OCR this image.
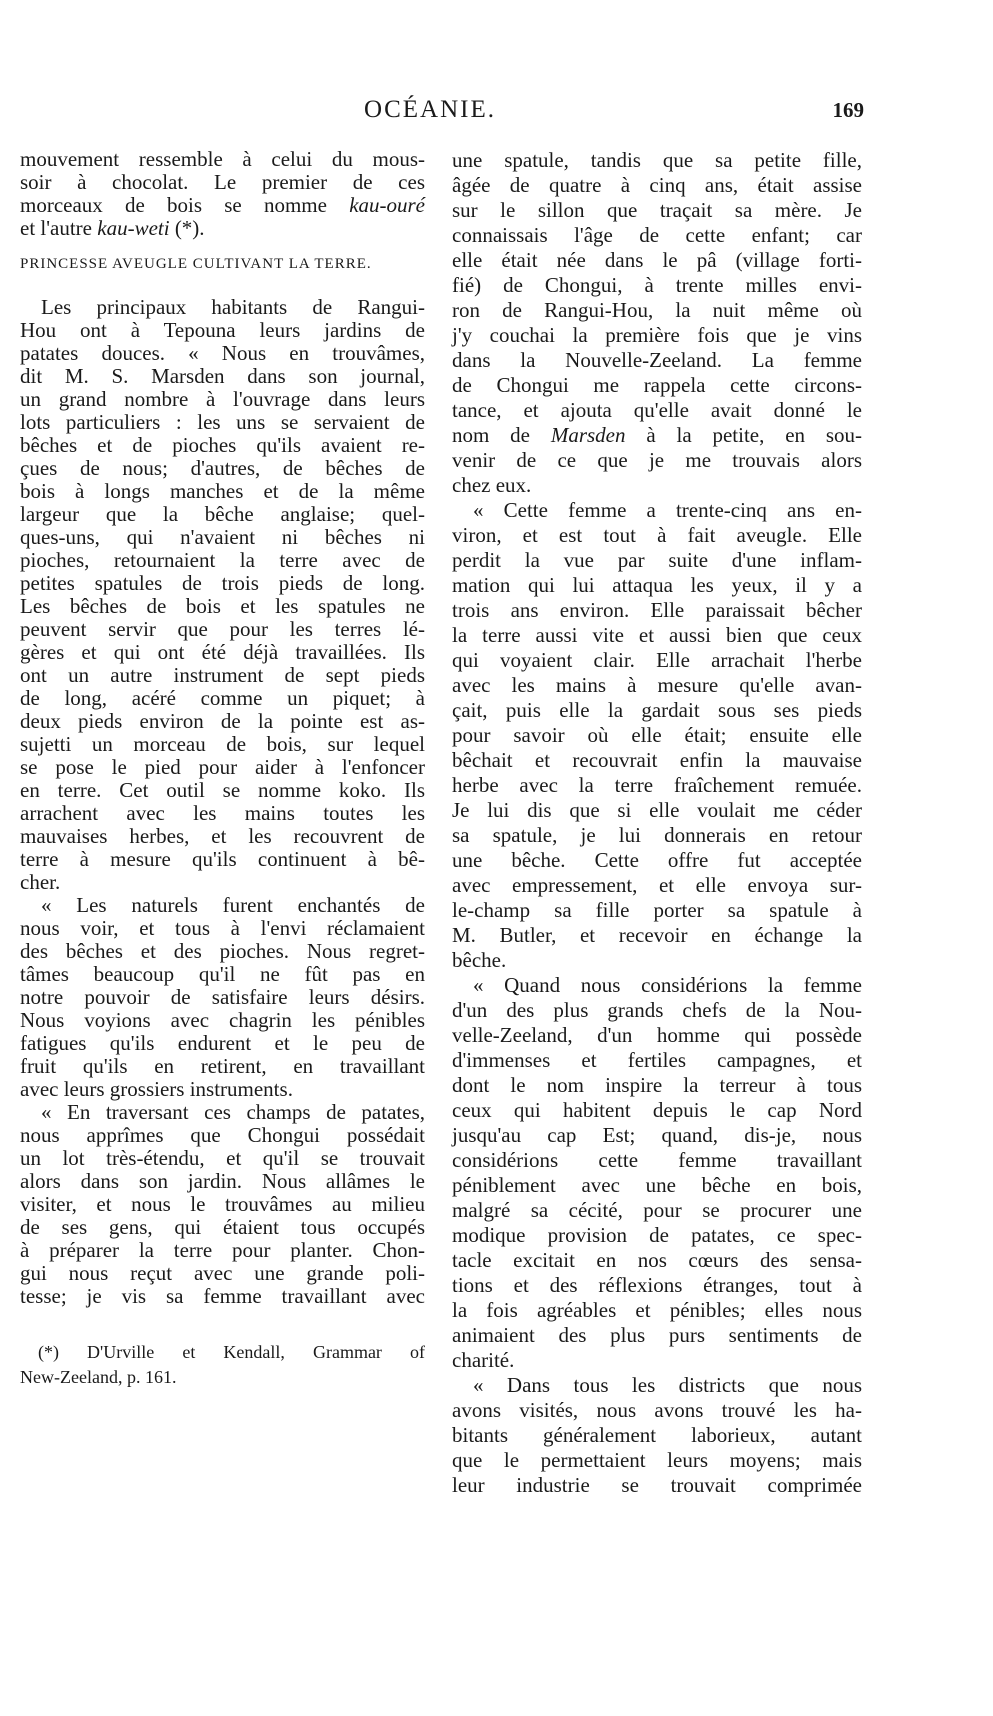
OCÉANIE.	169
mouvement ressemble à celui du mous-
soir à chocolat. Le premier de ces
morceaux de bois se nomme kau-ouré
et l'autre kau-weti (*).
PRINCESSE AVEUGLE CULTIVANT LA TERRE.
 Les principaux habitants de Rangui-
Hou ont à Tepouna leurs jardins de
patates douces. « Nous en trouvâmes,
dit M. S. Marsden dans son journal,
un grand nombre à l'ouvrage dans leurs
lots particuliers : les uns se servaient de
bêches et de pioches qu'ils avaient re-
çues de nous; d'autres, de bêches de
bois à longs manches et de la même
largeur que la bêche anglaise; quel-
ques-uns, qui n'avaient ni bêches ni
pioches, retournaient la terre avec de
petites spatules de trois pieds de long.
Les bêches de bois et les spatules ne
peuvent servir que pour les terres lé-
gères et qui ont été déjà travaillées. Ils
ont un autre instrument de sept pieds
de long, acéré comme un piquet; à
deux pieds environ de la pointe est as-
sujetti un morceau de bois, sur lequel
se pose le pied pour aider à l'enfoncer
en terre. Cet outil se nomme koko. Ils
arrachent avec les mains toutes les
mauvaises herbes, et les recouvrent de
terre à mesure qu'ils continuent à bê-
cher.
 « Les naturels furent enchantés de
nous voir, et tous à l'envi réclamaient
des bêches et des pioches. Nous regret-
tâmes beaucoup qu'il ne fût pas en
notre pouvoir de satisfaire leurs désirs.
Nous voyions avec chagrin les pénibles
fatigues qu'ils endurent et le peu de
fruit qu'ils en retirent, en travaillant
avec leurs grossiers instruments.
 « En traversant ces champs de patates,
nous apprîmes que Chongui possédait
un lot très-étendu, et qu'il se trouvait
alors dans son jardin. Nous allâmes le
visiter, et nous le trouvâmes au milieu
de ses gens, qui étaient tous occupés
à préparer la terre pour planter. Chon-
gui nous reçut avec une grande poli-
tesse; je vis sa femme travaillant avec
une spatule, tandis que sa petite fille,
âgée de quatre à cinq ans, était assise
sur le sillon que traçait sa mère. Je
connaissais l'âge de cette enfant; car
elle était née dans le pâ (village forti-
fié) de Chongui, à trente milles envi-
ron de Rangui-Hou, la nuit même où
j'y couchai la première fois que je vins
dans la Nouvelle-Zeeland. La femme
de Chongui me rappela cette circons-
tance, et ajouta qu'elle avait donné le
nom de Marsden à la petite, en sou-
venir de ce que je me trouvais alors
chez eux.
 « Cette femme a trente-cinq ans en-
viron, et est tout à fait aveugle. Elle
perdit la vue par suite d'une inflam-
mation qui lui attaqua les yeux, il y a
trois ans environ. Elle paraissait bêcher
la terre aussi vite et aussi bien que ceux
qui voyaient clair. Elle arrachait l'herbe
avec les mains à mesure qu'elle avan-
çait, puis elle la gardait sous ses pieds
pour savoir où elle était; ensuite elle
bêchait et recouvrait enfin la mauvaise
herbe avec la terre fraîchement remuée.
Je lui dis que si elle voulait me céder
sa spatule, je lui donnerais en retour
une bêche. Cette offre fut acceptée
avec empressement, et elle envoya sur-
le-champ sa fille porter sa spatule à
M. Butler, et recevoir en échange la
bêche.
 « Quand nous considérions la femme
d'un des plus grands chefs de la Nou-
velle-Zeeland, d'un homme qui possède
d'immenses et fertiles campagnes, et
dont le nom inspire la terreur à tous
ceux qui habitent depuis le cap Nord
jusqu'au cap Est; quand, dis-je, nous
considérions cette femme travaillant
péniblement avec une bêche en bois,
malgré sa cécité, pour se procurer une
modique provision de patates, ce spec-
tacle excitait en nos cœurs des sensa-
tions et des réflexions étranges, tout à
la fois agréables et pénibles; elles nous
animaient des plus purs sentiments de
charité.
 « Dans tous les districts que nous
avons visités, nous avons trouvé les ha-
bitants généralement laborieux, autant
que le permettaient leurs moyens; mais
leur industrie se trouvait comprimée
 (*) D'Urville et Kendall, Grammar of
New-Zeeland, p. 161.
